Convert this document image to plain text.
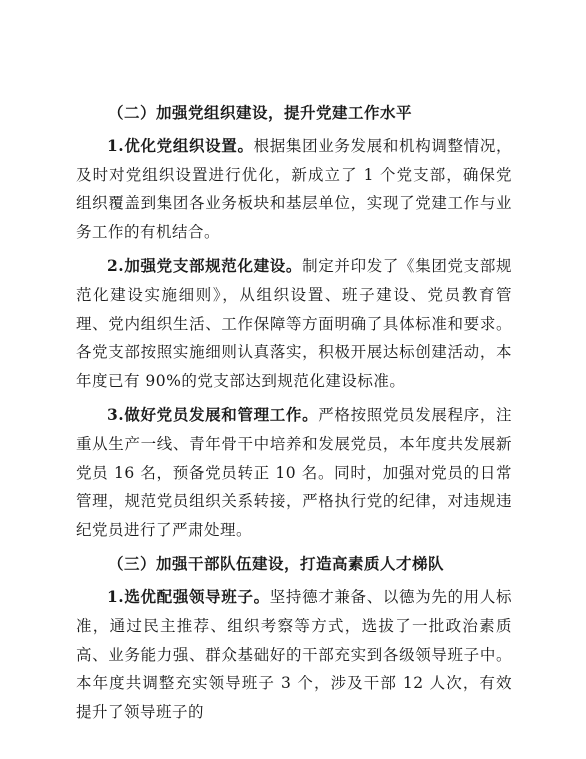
（二）加强党组织建设，提升党建工作水平

1.优化党组织设置。根据集团业务发展和机构调整情况，及时对党组织设置进行优化，新成立了 1 个党支部，确保党组织覆盖到集团各业务板块和基层单位，实现了党建工作与业务工作的有机结合。

2.加强党支部规范化建设。制定并印发了《集团党支部规范化建设实施细则》，从组织设置、班子建设、党员教育管理、党内组织生活、工作保障等方面明确了具体标准和要求。各党支部按照实施细则认真落实，积极开展达标创建活动，本年度已有 90%的党支部达到规范化建设标准。

3.做好党员发展和管理工作。严格按照党员发展程序，注重从生产一线、青年骨干中培养和发展党员，本年度共发展新党员 16 名，预备党员转正 10 名。同时，加强对党员的日常管理，规范党员组织关系转接，严格执行党的纪律，对违规违纪党员进行了严肃处理。

（三）加强干部队伍建设，打造高素质人才梯队

1.选优配强领导班子。坚持德才兼备、以德为先的用人标准，通过民主推荐、组织考察等方式，选拔了一批政治素质高、业务能力强、群众基础好的干部充实到各级领导班子中。本年度共调整充实领导班子 3 个，涉及干部 12 人次，有效提升了领导班子的
